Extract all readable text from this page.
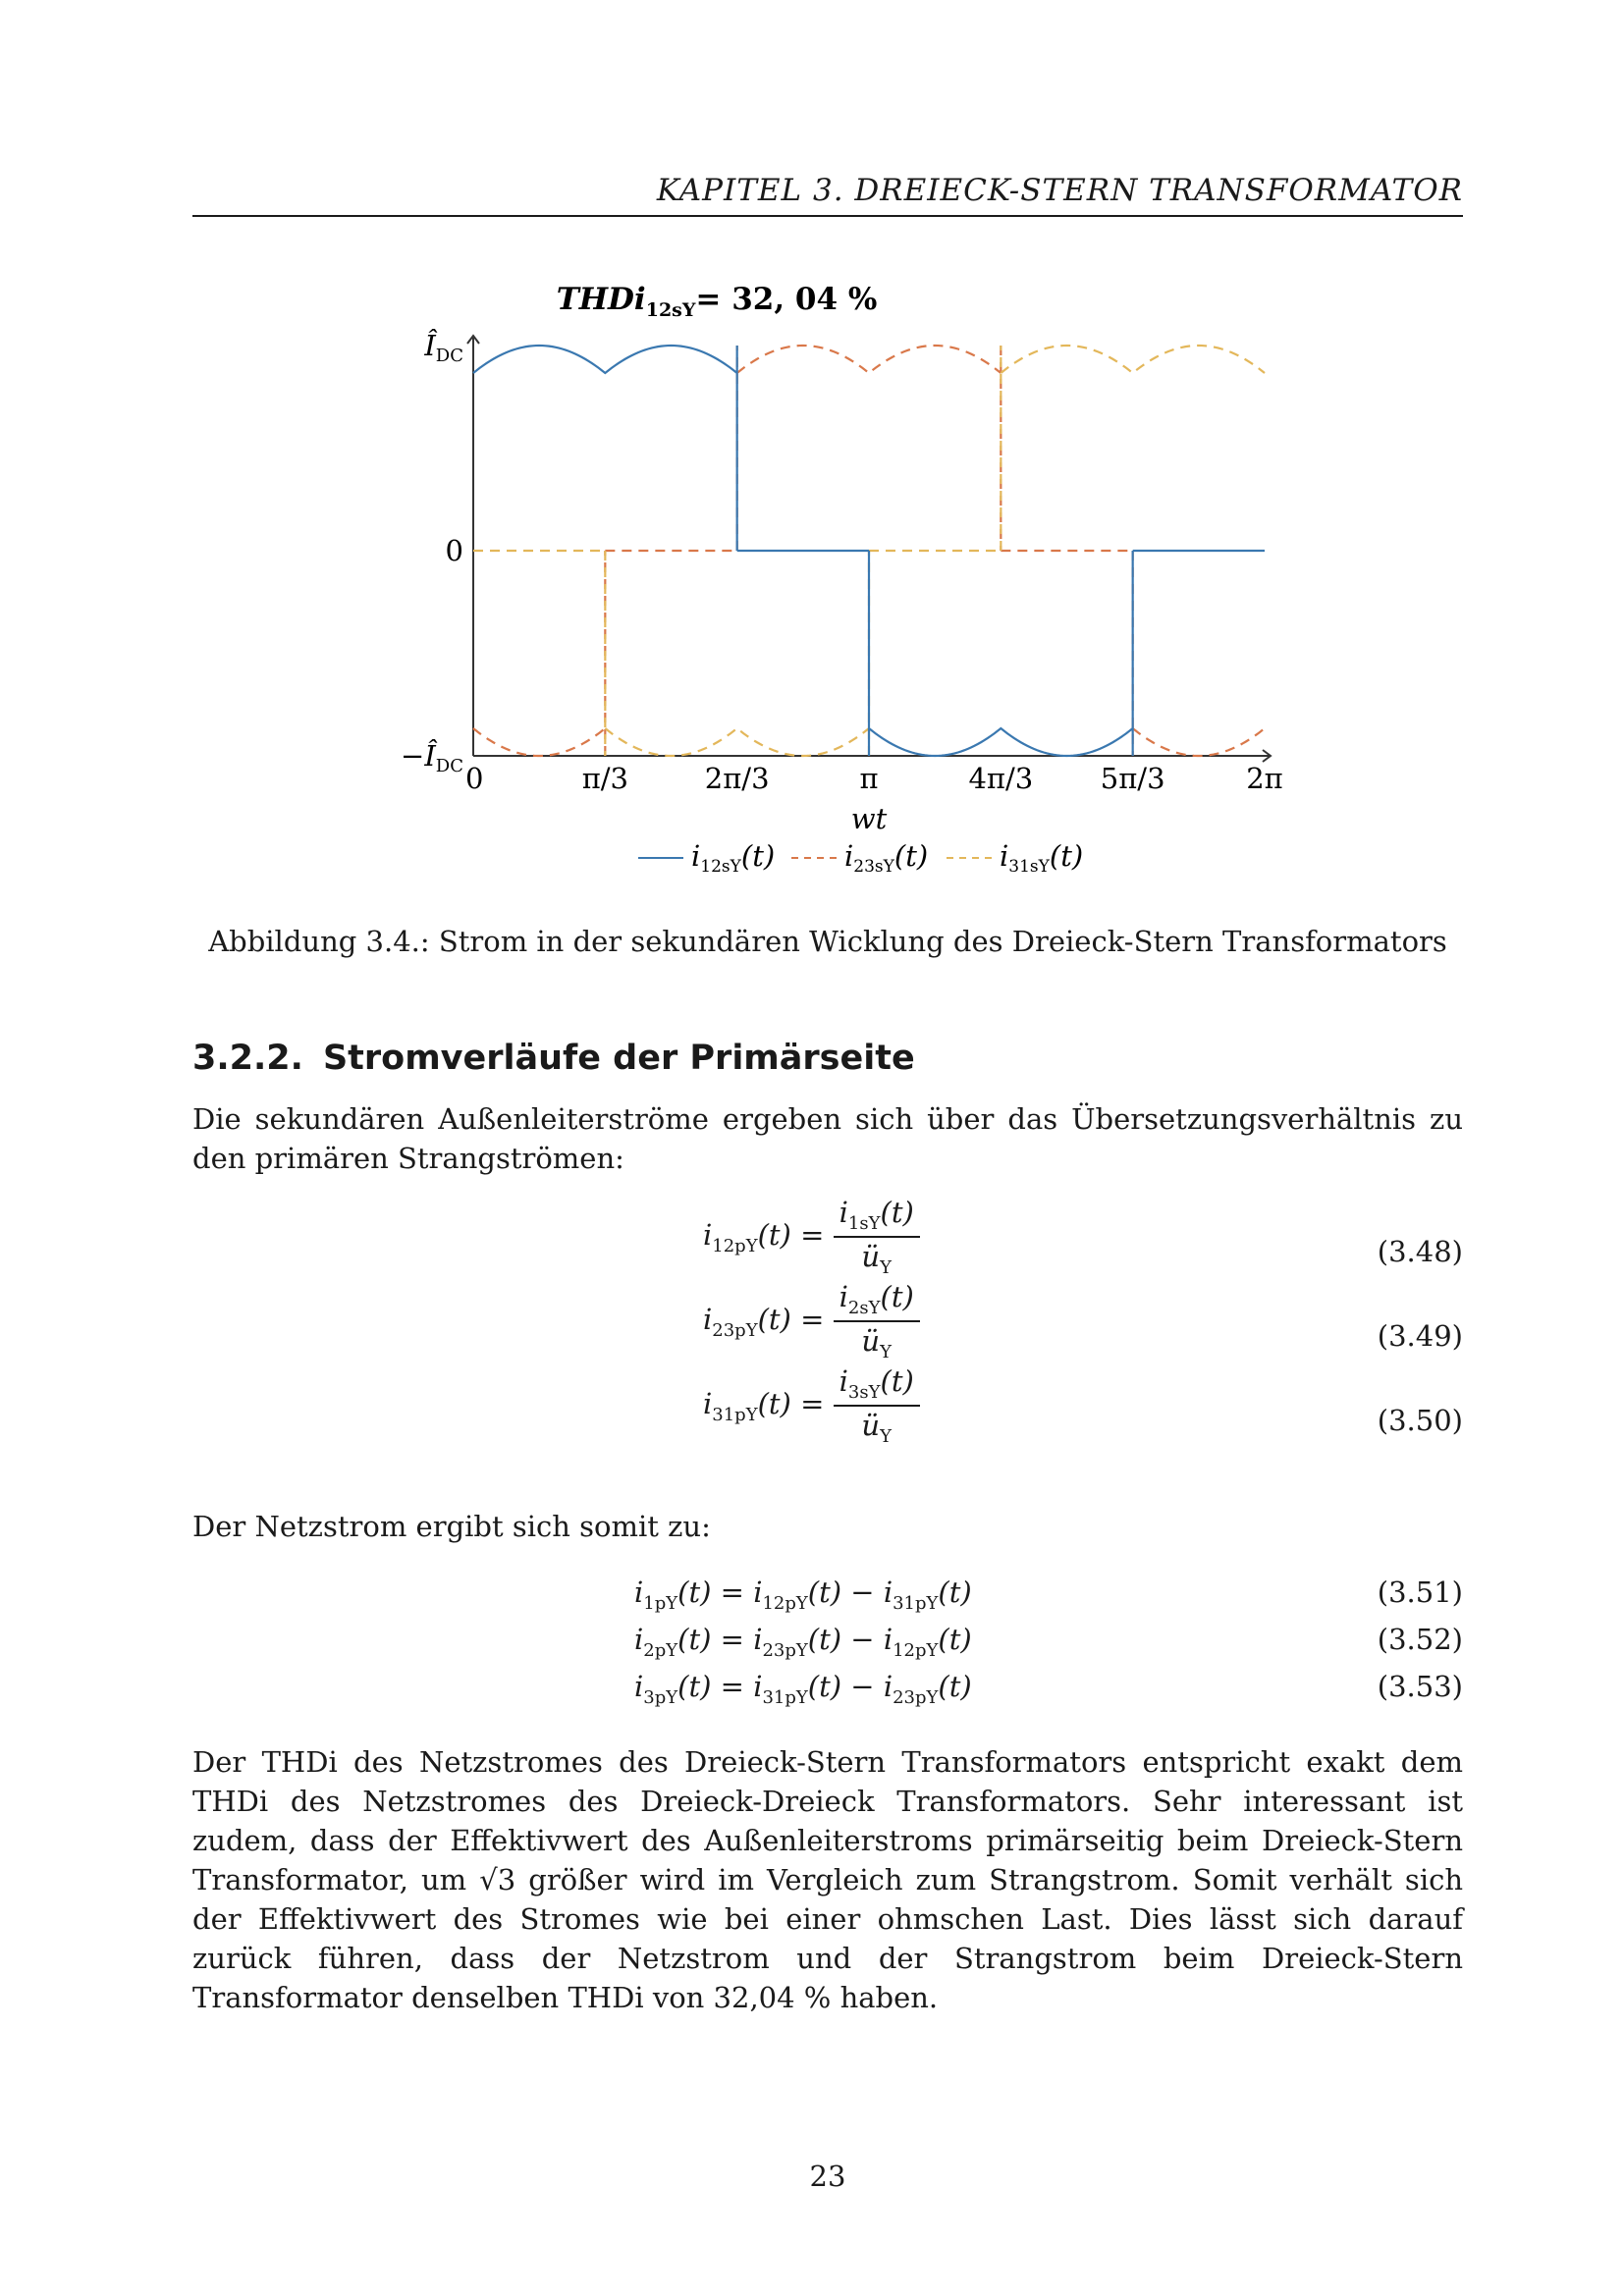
KAPITEL 3. DREIECK-STERN TRANSFORMATOR
THDi$_{12sY}$= 32, 04 %
$Î_{DC}$
0
$-Î_{DC}$ 0	π/3	2π/3	π	4π/3 5π/3	2π
wt
$i_{12sY}(t)$ $i_{23sY}(t)$	$i_{31sY}(t)$
Abbildung 3.4.: Strom in der sekundären Wicklung des Dreieck-Stern Transformators
3.2.2. Stromverläufe der Primärseite
Die sekundären Außenleiterströme ergeben sich über das Übersetzungsverhältnis zu den primären Strangströmen:
$i_{12pY}(t) = \frac{i_{1sY}(t)}{ü_Y}$	(3.48)
$i_{23pY}(t) = \frac{i_{2sY}(t)}{ü_Y}$	(3.49)
$i_{31pY}(t) = \frac{i_{3sY}(t)}{ü_Y}$	(3.50)
Der Netzstrom ergibt sich somit zu:
$i_{1pY}(t) = i_{12pY}(t) - i_{31pY}(t)$	(3.51)
$i_{2pY}(t) = i_{23pY}(t) - i_{12pY}(t)$	(3.52)
$i_{3pY}(t) = i_{31pY}(t) - i_{23pY}(t)$	(3.53)
Der THDi des Netzstromes des Dreieck-Stern Transformators entspricht exakt dem THDi des Netzstromes des Dreieck-Dreieck Transformators. Sehr interessant ist zudem, dass der Effektivwert des Außenleiterstroms primärseitig beim Dreieck-Stern Transformator, um √3 größer wird im Vergleich zum Strangstrom. Somit verhält sich der Effektivwert des Stromes wie bei einer ohmschen Last. Dies lässt sich darauf zurück führen, dass der Netzstrom und der Strangstrom beim Dreieck-Stern Transformator denselben THDi von 32,04 % haben.
23
